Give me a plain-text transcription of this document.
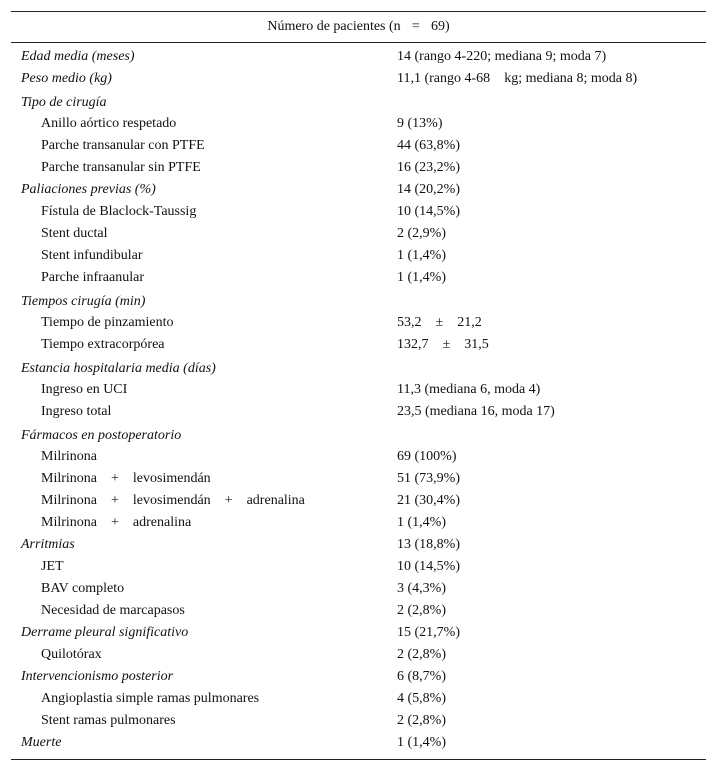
Número de pacientes (n    =    69)
Edad media (meses)	14 (rango 4-220; mediana 9; moda 7)
Peso medio (kg)	11,1 (rango 4-68     kg; mediana 8; moda 8)
Tipo de cirugía
Anillo aórtico respetado	9 (13%)
Parche transanular con PTFE	44 (63,8%)
Parche transanular sin PTFE	16 (23,2%)
Paliaciones previas (%)	14 (20,2%)
Fístula de Blaclock-Taussig	10 (14,5%)
Stent ductal	2 (2,9%)
Stent infundibular	1 (1,4%)
Parche infraanular	1 (1,4%)
Tiempos cirugía (min)
Tiempo de pinzamiento	53,2     ±     21,2
Tiempo extracorpórea	132,7     ±     31,5
Estancia hospitalaria media (días)
Ingreso en UCI	11,3 (mediana 6, moda 4)
Ingreso total	23,5 (mediana 16, moda 17)
Fármacos en postoperatorio
Milrinona	69 (100%)
Milrinona     +     levosimendán	51 (73,9%)
Milrinona     +     levosimendán     +     adrenalina	21 (30,4%)
Milrinona     +     adrenalina	1 (1,4%)
Arritmias	13 (18,8%)
JET	10 (14,5%)
BAV completo	3 (4,3%)
Necesidad de marcapasos	2 (2,8%)
Derrame pleural significativo	15 (21,7%)
Quilotórax	2 (2,8%)
Intervencionismo posterior	6 (8,7%)
Angioplastia simple ramas pulmonares	4 (5,8%)
Stent ramas pulmonares	2 (2,8%)
Muerte	1 (1,4%)
